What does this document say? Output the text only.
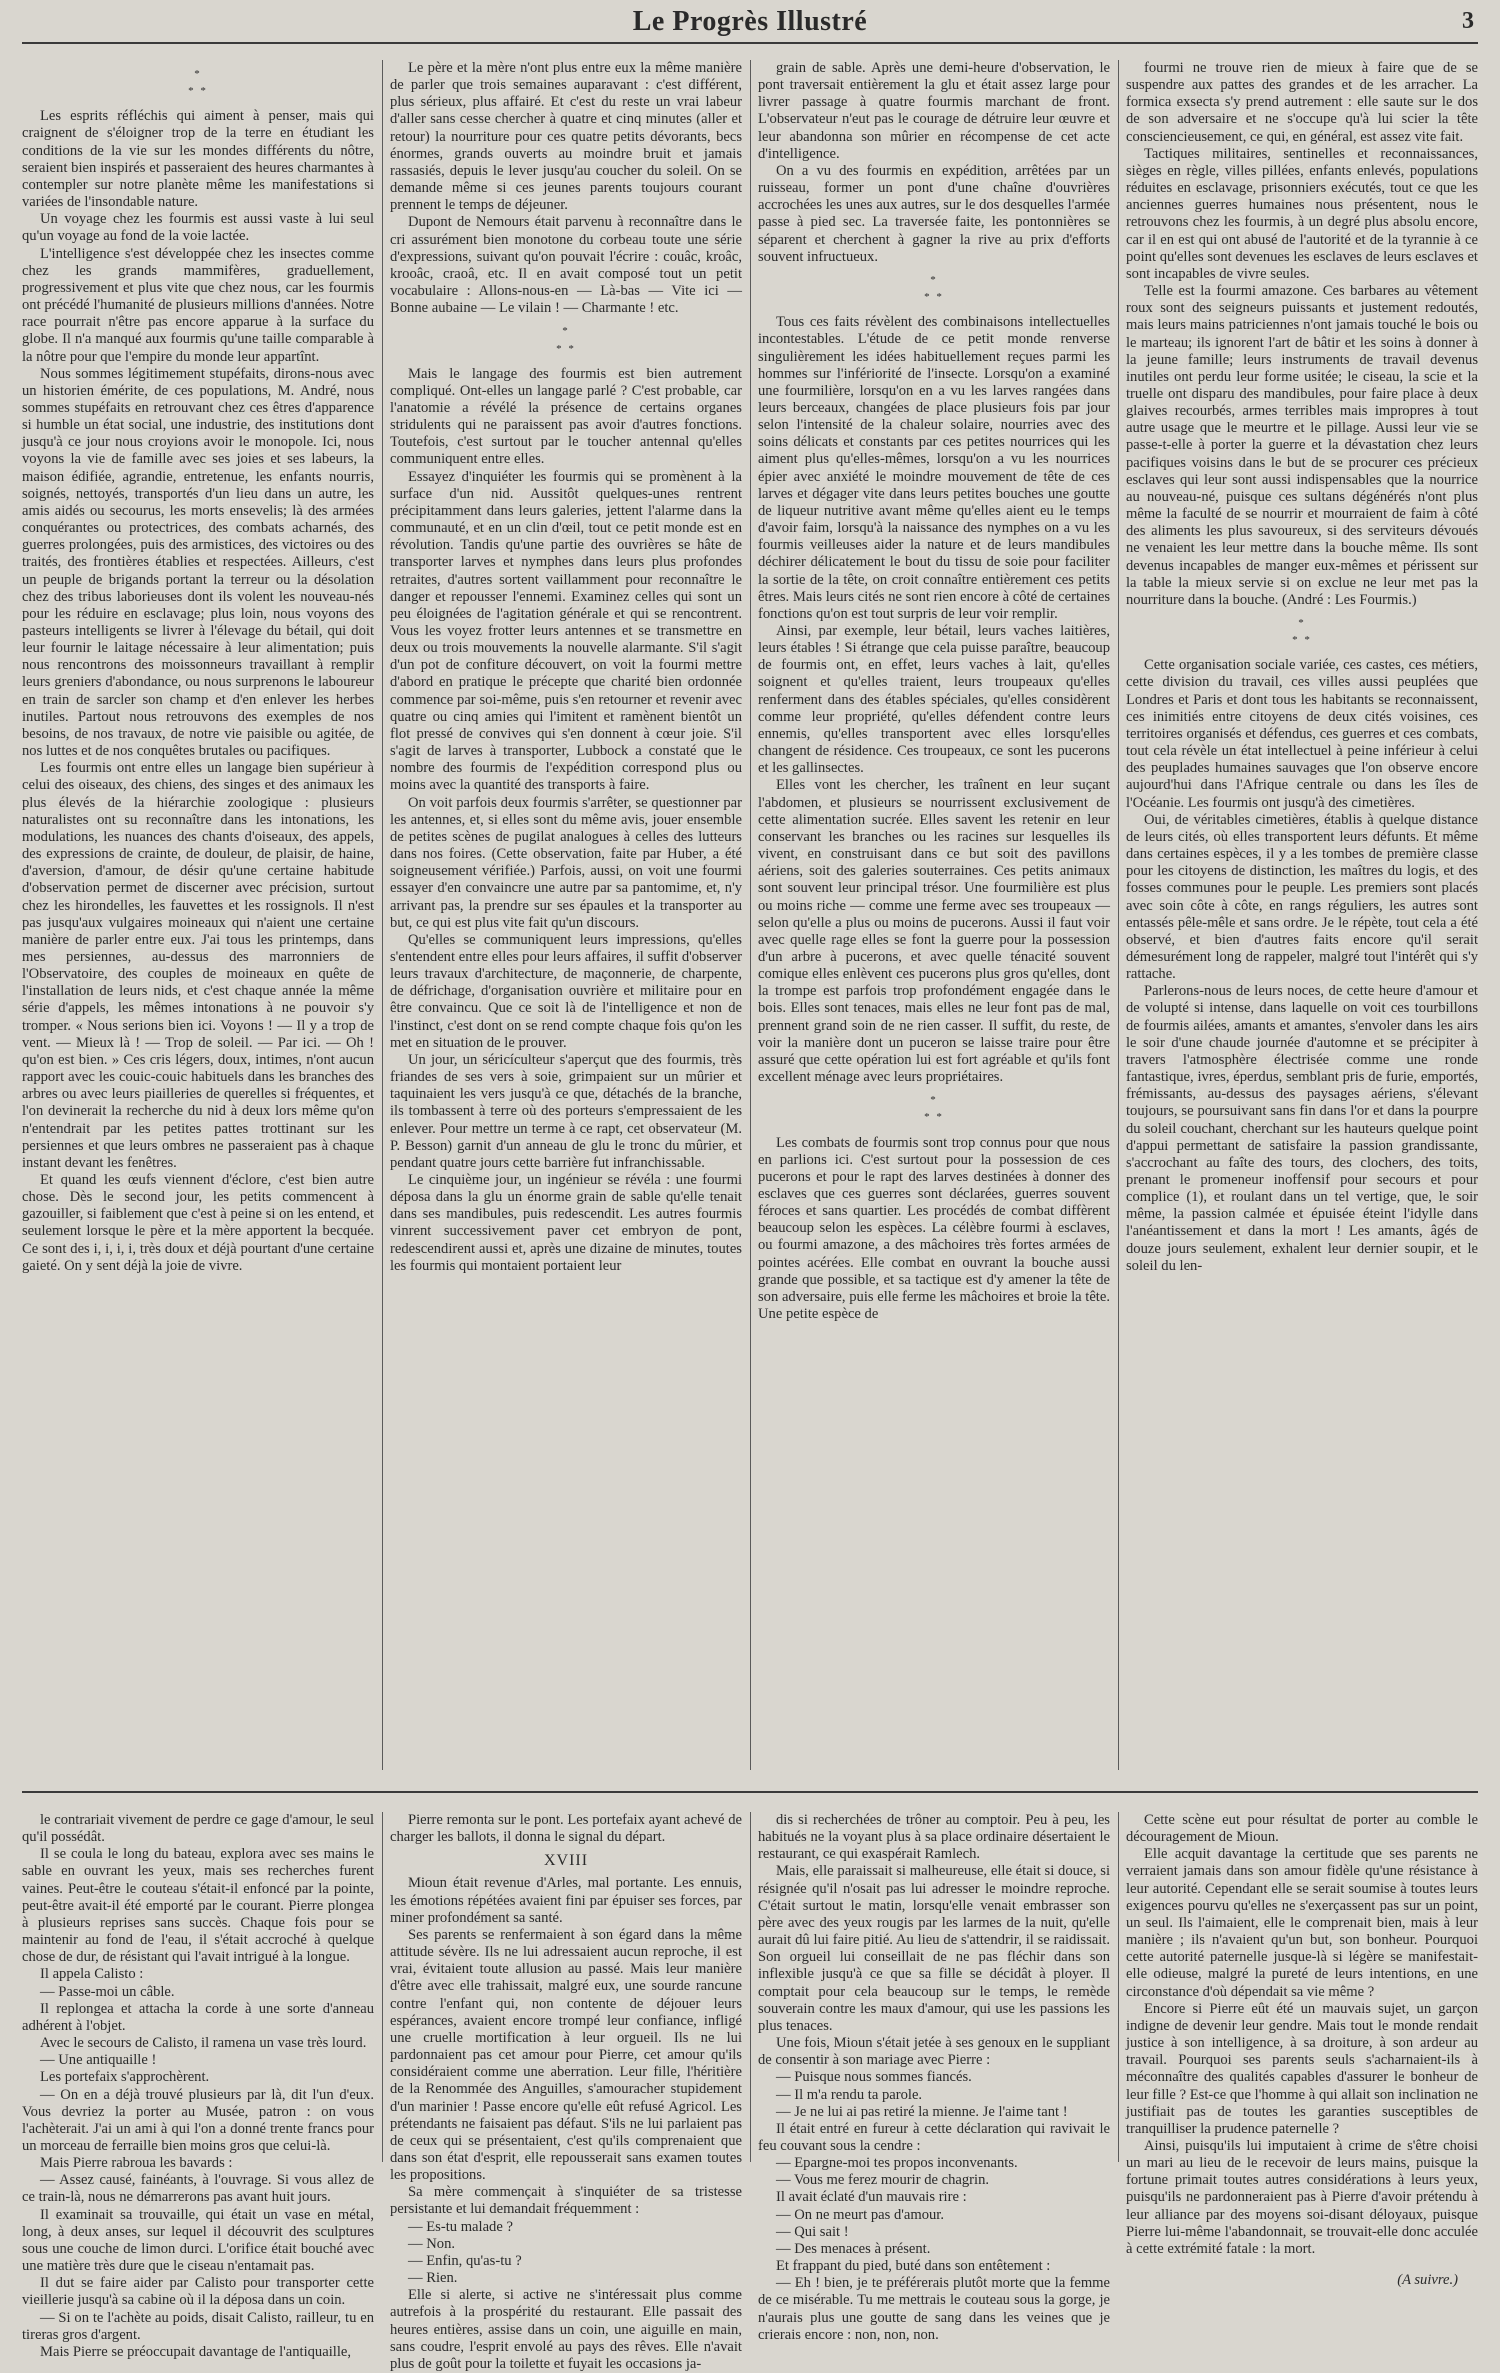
Le Progrès Illustré	3
*
* *

Les esprits réfléchis qui aiment à penser, mais qui craignent de s'éloigner trop de la terre en étudiant les conditions de la vie sur les mondes différents du nôtre, seraient bien inspirés et passeraient des heures charmantes à contempler sur notre planète même les manifestations si variées de l'insondable nature.

Un voyage chez les fourmis est aussi vaste à lui seul qu'un voyage au fond de la voie lactée.

L'intelligence s'est développée chez les insectes comme chez les grands mammifères, graduellement, progressivement et plus vite que chez nous, car les fourmis ont précédé l'humanité de plusieurs millions d'années. Notre race pourrait n'être pas encore apparue à la surface du globe. Il n'a manqué aux fourmis qu'une taille comparable à la nôtre pour que l'empire du monde leur appartînt.

Nous sommes légitimement stupéfaits, dirons-nous avec un historien émérite, de ces populations, M. André, nous sommes stupéfaits en retrouvant chez ces êtres d'apparence si humble un état social, une industrie, des institutions dont jusqu'à ce jour nous croyions avoir le monopole. Ici, nous voyons la vie de famille avec ses joies et ses labeurs, la maison édifiée, agrandie, entretenue, les enfants nourris, soignés, nettoyés, transportés d'un lieu dans un autre, les amis aidés ou secourus, les morts ensevelis; là des armées conquérantes ou protectrices, des combats acharnés, des guerres prolongées, puis des armistices, des victoires ou des traités, des frontières établies et respectées. Ailleurs, c'est un peuple de brigands portant la terreur ou la désolation chez des tribus laborieuses dont ils volent les nouveau-nés pour les réduire en esclavage; plus loin, nous voyons des pasteurs intelligents se livrer à l'élevage du bétail, qui doit leur fournir le laitage nécessaire à leur alimentation; puis nous rencontrons des moissonneurs travaillant à remplir leurs greniers d'abondance, ou nous surprenons le laboureur en train de sarcler son champ et d'en enlever les herbes inutiles. Partout nous retrouvons des exemples de nos besoins, de nos travaux, de notre vie paisible ou agitée, de nos luttes et de nos conquêtes brutales ou pacifiques.

Les fourmis ont entre elles un langage bien supérieur à celui des oiseaux, des chiens, des singes et des animaux les plus élevés de la hiérarchie zoologique : plusieurs naturalistes ont su reconnaître dans les intonations, les modulations, les nuances des chants d'oiseaux, des appels, des expressions de crainte, de douleur, de plaisir, de haine, d'aversion, d'amour, de désir qu'une certaine habitude d'observation permet de discerner avec précision, surtout chez les hirondelles, les fauvettes et les rossignols. Il n'est pas jusqu'aux vulgaires moineaux qui n'aient une certaine manière de parler entre eux. J'ai tous les printemps, dans mes persiennes, au-dessus des marronniers de l'Observatoire, des couples de moineaux en quête de l'installation de leurs nids, et c'est chaque année la même série d'appels, les mêmes intonations à ne pouvoir s'y tromper. « Nous serions bien ici. Voyons ! — Il y a trop de vent. — Mieux là ! — Trop de soleil. — Par ici. — Oh ! qu'on est bien. » Ces cris légers, doux, intimes, n'ont aucun rapport avec les couic-couic habituels dans les branches des arbres ou avec leurs piailleries de querelles si fréquentes, et l'on devinerait la recherche du nid à deux lors même qu'on n'entendrait par les petites pattes trottinant sur les persiennes et que leurs ombres ne passeraient pas à chaque instant devant les fenêtres.

Et quand les œufs viennent d'éclore, c'est bien autre chose. Dès le second jour, les petits commencent à gazouiller, si faiblement que c'est à peine si on les entend, et seulement lorsque le père et la mère apportent la becquée. Ce sont des i, i, i, i, très doux et déjà pourtant d'une certaine gaieté. On y sent déjà la joie de vivre.

Le père et la mère n'ont plus entre eux la même manière de parler que trois semaines auparavant : c'est différent, plus sérieux, plus affairé. Et c'est du reste un vrai labeur d'aller sans cesse chercher à quatre et cinq minutes (aller et retour) la nourriture pour ces quatre petits dévorants, becs énormes, grands ouverts au moindre bruit et jamais rassasiés, depuis le lever jusqu'au coucher du soleil. On se demande même si ces jeunes parents toujours courant prennent le temps de déjeuner.

Dupont de Nemours était parvenu à reconnaître dans le cri assurément bien monotone du corbeau toute une série d'expressions, suivant qu'on pouvait l'écrire : couâc, kroâc, krooâc, craoâ, etc. Il en avait composé tout un petit vocabulaire : Allons-nous-en — Là-bas — Vite ici — Bonne aubaine — Le vilain ! — Charmante ! etc.

*
* *

Mais le langage des fourmis est bien autrement compliqué. Ont-elles un langage parlé ? C'est probable, car l'anatomie a révélé la présence de certains organes stridulents qui ne paraissent pas avoir d'autres fonctions. Toutefois, c'est surtout par le toucher antennal qu'elles communiquent entre elles.

Essayez d'inquiéter les fourmis qui se promènent à la surface d'un nid. Aussitôt quelques-unes rentrent précipitamment dans leurs galeries, jettent l'alarme dans la communauté, et en un clin d'œil, tout ce petit monde est en révolution. Tandis qu'une partie des ouvrières se hâte de transporter larves et nymphes dans leurs plus profondes retraites, d'autres sortent vaillamment pour reconnaître le danger et repousser l'ennemi. Examinez celles qui sont un peu éloignées de l'agitation générale et qui se rencontrent. Vous les voyez frotter leurs antennes et se transmettre en deux ou trois mouvements la nouvelle alarmante. S'il s'agit d'un pot de confiture découvert, on voit la fourmi mettre d'abord en pratique le précepte que charité bien ordonnée commence par soi-même, puis s'en retourner et revenir avec quatre ou cinq amies qui l'imitent et ramènent bientôt un flot pressé de convives qui s'en donnent à cœur joie. S'il s'agit de larves à transporter, Lubbock a constaté que le nombre des fourmis de l'expédition correspond plus ou moins avec la quantité des transports à faire.

On voit parfois deux fourmis s'arrêter, se questionner par les antennes, et, si elles sont du même avis, jouer ensemble de petites scènes de pugilat analogues à celles des lutteurs dans nos foires. (Cette observation, faite par Huber, a été soigneusement vérifiée.) Parfois, aussi, on voit une fourmi essayer d'en convaincre une autre par sa pantomime, et, n'y arrivant pas, la prendre sur ses épaules et la transporter au but, ce qui est plus vite fait qu'un discours.

Qu'elles se communiquent leurs impressions, qu'elles s'entendent entre elles pour leurs affaires, il suffit d'observer leurs travaux d'architecture, de maçonnerie, de charpente, de défrichage, d'organisation ouvrière et militaire pour en être convaincu. Que ce soit là de l'intelligence et non de l'instinct, c'est dont on se rend compte chaque fois qu'on les met en situation de le prouver.

Un jour, un séricículteur s'aperçut que des fourmis, très friandes de ses vers à soie, grimpaient sur un mûrier et taquinaient les vers jusqu'à ce que, détachés de la branche, ils tombassent à terre où des porteurs s'empressaient de les enlever. Pour mettre un terme à ce rapt, cet observateur (M. P. Besson) garnit d'un anneau de glu le tronc du mûrier, et pendant quatre jours cette barrière fut infranchissable.

Le cinquième jour, un ingénieur se révéla : une fourmi déposa dans la glu un énorme grain de sable qu'elle tenait dans ses mandibules, puis redescendit. Les autres fourmis vinrent successivement paver cet embryon de pont, redescendirent aussi et, après une dizaine de minutes, toutes les fourmis qui montaient portaient leur

grain de sable. Après une demi-heure d'observation, le pont traversait entièrement la glu et était assez large pour livrer passage à quatre fourmis marchant de front. L'observateur n'eut pas le courage de détruire leur œuvre et leur abandonna son mûrier en récompense de cet acte d'intelligence.

On a vu des fourmis en expédition, arrêtées par un ruisseau, former un pont d'une chaîne d'ouvrières accrochées les unes aux autres, sur le dos desquelles l'armée passe à pied sec. La traversée faite, les pontonnières se séparent et cherchent à gagner la rive au prix d'efforts souvent infructueux.

*
* *

Tous ces faits révèlent des combinaisons intellectuelles incontestables. L'étude de ce petit monde renverse singulièrement les idées habituellement reçues parmi les hommes sur l'infériorité de l'insecte. Lorsqu'on a examiné une fourmilière, lorsqu'on en a vu les larves rangées dans leurs berceaux, changées de place plusieurs fois par jour selon l'intensité de la chaleur solaire, nourries avec des soins délicats et constants par ces petites nourrices qui les aiment plus qu'elles-mêmes, lorsqu'on a vu les nourrices épier avec anxiété le moindre mouvement de tête de ces larves et dégager vite dans leurs petites bouches une goutte de liqueur nutritive avant même qu'elles aient eu le temps d'avoir faim, lorsqu'à la naissance des nymphes on a vu les fourmis veilleuses aider la nature et de leurs mandibules déchirer délicatement le bout du tissu de soie pour faciliter la sortie de la tête, on croit connaître entièrement ces petits êtres. Mais leurs cités ne sont rien encore à côté de certaines fonctions qu'on est tout surpris de leur voir remplir.

Ainsi, par exemple, leur bétail, leurs vaches laitières, leurs étables ! Si étrange que cela puisse paraître, beaucoup de fourmis ont, en effet, leurs vaches à lait, qu'elles soignent et qu'elles traient, leurs troupeaux qu'elles renferment dans des étables spéciales, qu'elles considèrent comme leur propriété, qu'elles défendent contre leurs ennemis, qu'elles transportent avec elles lorsqu'elles changent de résidence. Ces troupeaux, ce sont les pucerons et les gallinsectes.

Elles vont les chercher, les traînent en leur suçant l'abdomen, et plusieurs se nourrissent exclusivement de cette alimentation sucrée. Elles savent les retenir en leur conservant les branches ou les racines sur lesquelles ils vivent, en construisant dans ce but soit des pavillons aériens, soit des galeries souterraines. Ces petits animaux sont souvent leur principal trésor. Une fourmilière est plus ou moins riche — comme une ferme avec ses troupeaux — selon qu'elle a plus ou moins de pucerons. Aussi il faut voir avec quelle rage elles se font la guerre pour la possession d'un arbre à pucerons, et avec quelle ténacité souvent comique elles enlèvent ces pucerons plus gros qu'elles, dont la trompe est parfois trop profondément engagée dans le bois. Elles sont tenaces, mais elles ne leur font pas de mal, prennent grand soin de ne rien casser. Il suffit, du reste, de voir la manière dont un puceron se laisse traire pour être assuré que cette opération lui est fort agréable et qu'ils font excellent ménage avec leurs propriétaires.

*
* *

Les combats de fourmis sont trop connus pour que nous en parlions ici. C'est surtout pour la possession de ces pucerons et pour le rapt des larves destinées à donner des esclaves que ces guerres sont déclarées, guerres souvent féroces et sans quartier. Les procédés de combat diffèrent beaucoup selon les espèces. La célèbre fourmi à esclaves, ou fourmi amazone, a des mâchoires très fortes armées de pointes acérées. Elle combat en ouvrant la bouche aussi grande que possible, et sa tactique est d'y amener la tête de son adversaire, puis elle ferme les mâchoires et broie la tête. Une petite espèce de

fourmi ne trouve rien de mieux à faire que de se suspendre aux pattes des grandes et de les arracher. La formica exsecta s'y prend autrement : elle saute sur le dos de son adversaire et ne s'occupe qu'à lui scier la tête consciencieusement, ce qui, en général, est assez vite fait.

Tactiques militaires, sentinelles et reconnaissances, sièges en règle, villes pillées, enfants enlevés, populations réduites en esclavage, prisonniers exécutés, tout ce que les anciennes guerres humaines nous présentent, nous le retrouvons chez les fourmis, à un degré plus absolu encore, car il en est qui ont abusé de l'autorité et de la tyrannie à ce point qu'elles sont devenues les esclaves de leurs esclaves et sont incapables de vivre seules.

Telle est la fourmi amazone. Ces barbares au vêtement roux sont des seigneurs puissants et justement redoutés, mais leurs mains patriciennes n'ont jamais touché le bois ou le marteau; ils ignorent l'art de bâtir et les soins à donner à la jeune famille; leurs instruments de travail devenus inutiles ont perdu leur forme usitée; le ciseau, la scie et la truelle ont disparu des mandibules, pour faire place à deux glaives recourbés, armes terribles mais impropres à tout autre usage que le meurtre et le pillage. Aussi leur vie se passe-t-elle à porter la guerre et la dévastation chez leurs pacifiques voisins dans le but de se procurer ces précieux esclaves qui leur sont aussi indispensables que la nourrice au nouveau-né, puisque ces sultans dégénérés n'ont plus même la faculté de se nourrir et mourraient de faim à côté des aliments les plus savoureux, si des serviteurs dévoués ne venaient les leur mettre dans la bouche même. Ils sont devenus incapables de manger eux-mêmes et périssent sur la table la mieux servie si on exclue ne leur met pas la nourriture dans la bouche. (André : Les Fourmis.)

*
* *

Cette organisation sociale variée, ces castes, ces métiers, cette division du travail, ces villes aussi peuplées que Londres et Paris et dont tous les habitants se reconnaissent, ces inimitiés entre citoyens de deux cités voisines, ces territoires organisés et défendus, ces guerres et ces combats, tout cela révèle un état intellectuel à peine inférieur à celui des peuplades humaines sauvages que l'on observe encore aujourd'hui dans l'Afrique centrale ou dans les îles de l'Océanie. Les fourmis ont jusqu'à des cimetières.

Oui, de véritables cimetières, établis à quelque distance de leurs cités, où elles transportent leurs défunts. Et même dans certaines espèces, il y a les tombes de première classe pour les citoyens de distinction, les maîtres du logis, et des fosses communes pour le peuple. Les premiers sont placés avec soin côte à côte, en rangs réguliers, les autres sont entassés pêle-mêle et sans ordre. Je le répète, tout cela a été observé, et bien d'autres faits encore qu'il serait démesurément long de rappeler, malgré tout l'intérêt qui s'y rattache.

Parlerons-nous de leurs noces, de cette heure d'amour et de volupté si intense, dans laquelle on voit ces tourbillons de fourmis ailées, amants et amantes, s'envoler dans les airs le soir d'une chaude journée d'automne et se précipiter à travers l'atmosphère électrisée comme une ronde fantastique, ivres, éperdus, semblant pris de furie, emportés, frémissants, au-dessus des paysages aériens, s'élevant toujours, se poursuivant sans fin dans l'or et dans la pourpre du soleil couchant, cherchant sur les hauteurs quelque point d'appui permettant de satisfaire la passion grandissante, s'accrochant au faîte des tours, des clochers, des toits, prenant le promeneur inoffensif pour secours et pour complice (1), et roulant dans un tel vertige, que, le soir même, la passion calmée et épuisée éteint l'idylle dans l'anéantissement et dans la mort ! Les amants, âgés de douze jours seulement, exhalent leur dernier soupir, et le soleil du len-

le contrariait vivement de perdre ce gage d'amour, le seul qu'il possédât.

Il se coula le long du bateau, explora avec ses mains le sable en ouvrant les yeux, mais ses recherches furent vaines. Peut-être le couteau s'était-il enfoncé par la pointe, peut-être avait-il été emporté par le courant. Pierre plongea à plusieurs reprises sans succès. Chaque fois pour se maintenir au fond de l'eau, il s'était accroché à quelque chose de dur, de résistant qui l'avait intrigué à la longue.

Il appela Calisto :

— Passe-moi un câble.

Il replongea et attacha la corde à une sorte d'anneau adhérent à l'objet.

Avec le secours de Calisto, il ramena un vase très lourd.

— Une antiquaille !

Les portefaix s'approchèrent.

— On en a déjà trouvé plusieurs par là, dit l'un d'eux. Vous devriez la porter au Musée, patron : on vous l'achèterait. J'ai un ami à qui l'on a donné trente francs pour un morceau de ferraille bien moins gros que celui-là.

Mais Pierre rabroua les bavards :

— Assez causé, fainéants, à l'ouvrage. Si vous allez de ce train-là, nous ne démarrerons pas avant huit jours.

Il examinait sa trouvaille, qui était un vase en métal, long, à deux anses, sur lequel il découvrit des sculptures sous une couche de limon durci. L'orifice était bouché avec une matière très dure que le ciseau n'entamait pas.

Il dut se faire aider par Calisto pour transporter cette vieillerie jusqu'à sa cabine où il la déposa dans un coin.

— Si on te l'achète au poids, disait Calisto, railleur, tu en tireras gros d'argent.

Mais Pierre se préoccupait davantage de l'antiquaille,

Pierre remonta sur le pont. Les portefaix ayant achevé de charger les ballots, il donna le signal du départ.

XVIII

Mioun était revenue d'Arles, mal portante. Les ennuis, les émotions répétées avaient fini par épuiser ses forces, par miner profondément sa santé.

Ses parents se renfermaient à son égard dans la même attitude sévère. Ils ne lui adressaient aucun reproche, il est vrai, évitaient toute allusion au passé. Mais leur manière d'être avec elle trahissait, malgré eux, une sourde rancune contre l'enfant qui, non contente de déjouer leurs espérances, avaient encore trompé leur confiance, infligé une cruelle mortification à leur orgueil. Ils ne lui pardonnaient pas cet amour pour Pierre, cet amour qu'ils considéraient comme une aberration. Leur fille, l'héritière de la Renommée des Anguilles, s'amouracher stupidement d'un marinier ! Passe encore qu'elle eût refusé Agricol. Les prétendants ne faisaient pas défaut. S'ils ne lui parlaient pas de ceux qui se présentaient, c'est qu'ils comprenaient que dans son état d'esprit, elle repousserait sans examen toutes les propositions.

Sa mère commençait à s'inquiéter de sa tristesse persistante et lui demandait fréquemment :

— Es-tu malade ?

— Non.

— Enfin, qu'as-tu ?

— Rien.

Elle si alerte, si active ne s'intéressait plus comme autrefois à la prospérité du restaurant. Elle passait des heures entières, assise dans un coin, une aiguille en main, sans coudre, l'esprit envolé au pays des rêves. Elle n'avait plus de goût pour la toilette et fuyait les occasions ja-

dis si recherchées de trôner au comptoir. Peu à peu, les habitués ne la voyant plus à sa place ordinaire désertaient le restaurant, ce qui exaspérait Ramlech.

Mais, elle paraissait si malheureuse, elle était si douce, si résignée qu'il n'osait pas lui adresser le moindre reproche. C'était surtout le matin, lorsqu'elle venait embrasser son père avec des yeux rougis par les larmes de la nuit, qu'elle aurait dû lui faire pitié. Au lieu de s'attendrir, il se raidissait. Son orgueil lui conseillait de ne pas fléchir dans son inflexible jusqu'à ce que sa fille se décidât à ployer. Il comptait pour cela beaucoup sur le temps, le remède souverain contre les maux d'amour, qui use les passions les plus tenaces.

Une fois, Mioun s'était jetée à ses genoux en le suppliant de consentir à son mariage avec Pierre :

— Puisque nous sommes fiancés.

— Il m'a rendu ta parole.

— Je ne lui ai pas retiré la mienne. Je l'aime tant !

Il était entré en fureur à cette déclaration qui ravivait le feu couvant sous la cendre :

— Epargne-moi tes propos inconvenants.

— Vous me ferez mourir de chagrin.

Il avait éclaté d'un mauvais rire :

— On ne meurt pas d'amour.

— Qui sait !

— Des menaces à présent.

Et frappant du pied, buté dans son entêtement :

— Eh ! bien, je te préférerais plutôt morte que la femme de ce misérable. Tu me mettrais le couteau sous la gorge, je n'aurais plus une goutte de sang dans les veines que je crierais encore : non, non, non.

Cette scène eut pour résultat de porter au comble le découragement de Mioun.

Elle acquit davantage la certitude que ses parents ne verraient jamais dans son amour fidèle qu'une résistance à leur autorité. Cependant elle se serait soumise à toutes leurs exigences pourvu qu'elles ne s'exerçassent pas sur un point, un seul. Ils l'aimaient, elle le comprenait bien, mais à leur manière ; ils n'avaient qu'un but, son bonheur. Pourquoi cette autorité paternelle jusque-là si légère se manifestait-elle odieuse, malgré la pureté de leurs intentions, en une circonstance d'où dépendait sa vie même ?

Encore si Pierre eût été un mauvais sujet, un garçon indigne de devenir leur gendre. Mais tout le monde rendait justice à son intelligence, à sa droiture, à son ardeur au travail. Pourquoi ses parents seuls s'acharnaient-ils à méconnaître des qualités capables d'assurer le bonheur de leur fille ? Est-ce que l'homme à qui allait son inclination ne justifiait pas de toutes les garanties susceptibles de tranquilliser la prudence paternelle ?

Ainsi, puisqu'ils lui imputaient à crime de s'être choisi un mari au lieu de le recevoir de leurs mains, puisque la fortune primait toutes autres considérations à leurs yeux, puisqu'ils ne pardonneraient pas à Pierre d'avoir prétendu à leur alliance par des moyens soi-disant déloyaux, puisque Pierre lui-même l'abandonnait, se trouvait-elle donc acculée à cette extrémité fatale : la mort.

(A suivre.)
